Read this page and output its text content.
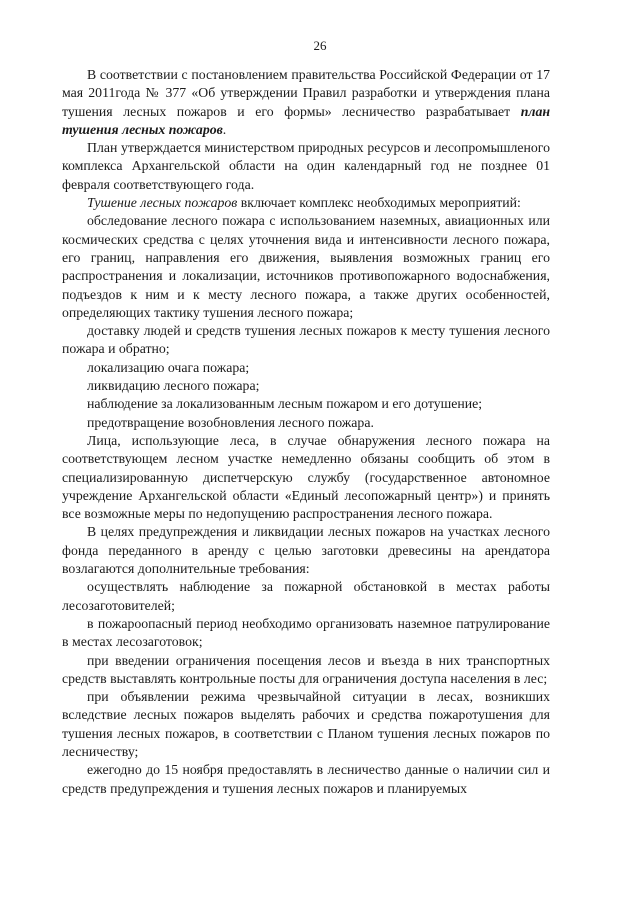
26

В соответствии с постановлением правительства Российской Федерации от 17 мая 2011года № 377 «Об утверждении Правил разработки и утверждения плана тушения лесных пожаров и его формы» лесничество разрабатывает план тушения лесных пожаров.

План утверждается министерством природных ресурсов и лесопромышленого комплекса Архангельской области на один календарный год не позднее 01 февраля соответствующего года.

Тушение лесных пожаров включает комплекс необходимых мероприятий:

обследование лесного пожара с использованием наземных, авиационных или космических средства с целях уточнения вида и интенсивности лесного пожара, его границ, направления его движения, выявления возможных границ его распространения и локализации, источников противопожарного водоснабжения, подъездов к ним и к месту лесного пожара, а также других особенностей, определяющих тактику тушения лесного пожара;

доставку людей и средств тушения лесных пожаров к месту тушения лесного пожара и обратно;

локализацию очага пожара;

ликвидацию лесного пожара;

наблюдение за локализованным лесным пожаром и его дотушение;

предотвращение возобновления лесного пожара.

Лица, использующие леса, в случае обнаружения лесного пожара на соответствующем лесном участке немедленно обязаны сообщить об этом в специализированную диспетчерскую службу (государственное автономное учреждение Архангельской области «Единый лесопожарный центр») и принять все возможные меры по недопущению распространения лесного пожара.

В целях предупреждения и ликвидации лесных пожаров на участках лесного фонда переданного в аренду с целью заготовки древесины на арендатора возлагаются дополнительные требования:

осуществлять наблюдение за пожарной обстановкой в местах работы лесозаготовителей;

в пожароопасный период необходимо организовать наземное патрулирование в местах лесозаготовок;

при введении ограничения посещения лесов и въезда в них транспортных средств выставлять контрольные посты для ограничения доступа населения в лес;

при объявлении режима чрезвычайной ситуации в лесах, возникших вследствие лесных пожаров выделять рабочих и средства пожаротушения для тушения лесных пожаров, в соответствии с Планом тушения лесных пожаров по лесничеству;

ежегодно до 15 ноября предоставлять в лесничество данные о наличии сил и средств предупреждения и тушения лесных пожаров и планируемых
